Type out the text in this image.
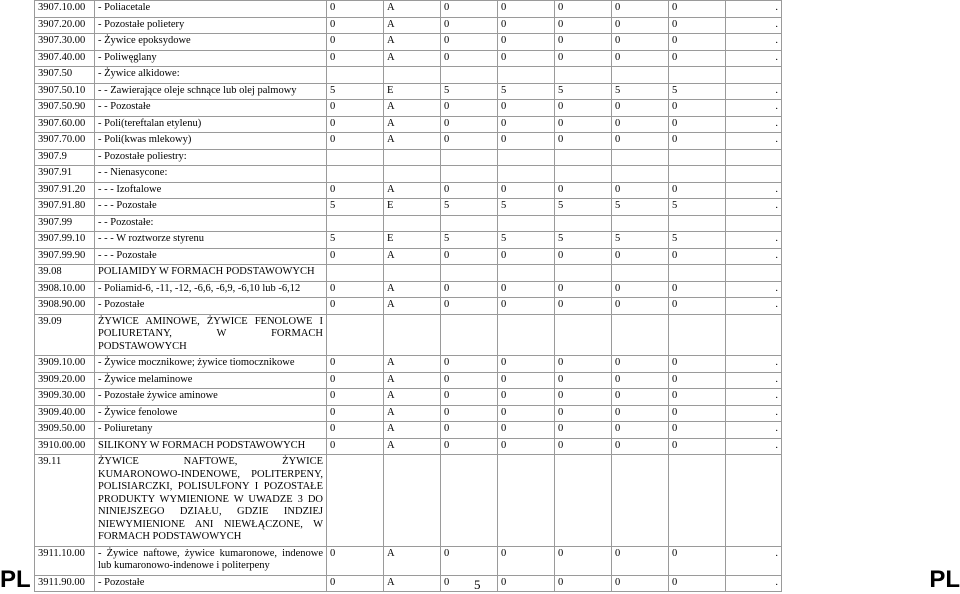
3907.10.00	- Poliacetale	0	A	0	0	0	0	0	.
3907.20.00	- Pozostałe polietery	0	A	0	0	0	0	0	.
3907.30.00	- Żywice epoksydowe	0	A	0	0	0	0	0	.
3907.40.00	- Poliwęglany	0	A	0	0	0	0	0	.
3907.50	- Żywice alkidowe:								
3907.50.10	- - Zawierające oleje schnące lub olej palmowy	5	E	5	5	5	5	5	.
3907.50.90	- - Pozostałe	0	A	0	0	0	0	0	.
3907.60.00	- Poli(tereftalan etylenu)	0	A	0	0	0	0	0	.
3907.70.00	- Poli(kwas mlekowy)	0	A	0	0	0	0	0	.
3907.9	- Pozostałe poliestry:								
3907.91	- - Nienasycone:								
3907.91.20	- - - Izoftalowe	0	A	0	0	0	0	0	.
3907.91.80	- - - Pozostałe	5	E	5	5	5	5	5	.
3907.99	- - Pozostałe:								
3907.99.10	- - - W roztworze styrenu	5	E	5	5	5	5	5	.
3907.99.90	- - - Pozostałe	0	A	0	0	0	0	0	.
39.08	POLIAMIDY W FORMACH PODSTAWOWYCH								
3908.10.00	- Poliamid-6, -11, -12, -6,6, -6,9, -6,10 lub -6,12	0	A	0	0	0	0	0	.
3908.90.00	- Pozostałe	0	A	0	0	0	0	0	.
39.09	ŻYWICE AMINOWE, ŻYWICE FENOLOWE I POLIURETANY, W FORMACH PODSTAWOWYCH								
3909.10.00	- Żywice mocznikowe; żywice tiomocznikowe	0	A	0	0	0	0	0	.
3909.20.00	- Żywice melaminowe	0	A	0	0	0	0	0	.
3909.30.00	- Pozostałe żywice aminowe	0	A	0	0	0	0	0	.
3909.40.00	- Żywice fenolowe	0	A	0	0	0	0	0	.
3909.50.00	- Poliuretany	0	A	0	0	0	0	0	.
3910.00.00	SILIKONY W FORMACH PODSTAWOWYCH	0	A	0	0	0	0	0	.
39.11	ŻYWICE NAFTOWE, ŻYWICE KUMARONOWO-INDENOWE, POLITERPENY, POLISIARCZKI, POLISULFONY I POZOSTAŁE PRODUKTY WYMIENIONE W UWADZE 3 DO NINIEJSZEGO DZIAŁU, GDZIE INDZIEJ NIEWYMIENIONE ANI NIEWŁĄCZONE, W FORMACH PODSTAWOWYCH								
3911.10.00	- Żywice naftowe, żywice kumaronowe, indenowe lub kumaronowo-indenowe i politerpeny	0	A	0	0	0	0	0	.
3911.90.00	- Pozostałe	0	A	0	0	0	0	0	.
PL	5	PL
